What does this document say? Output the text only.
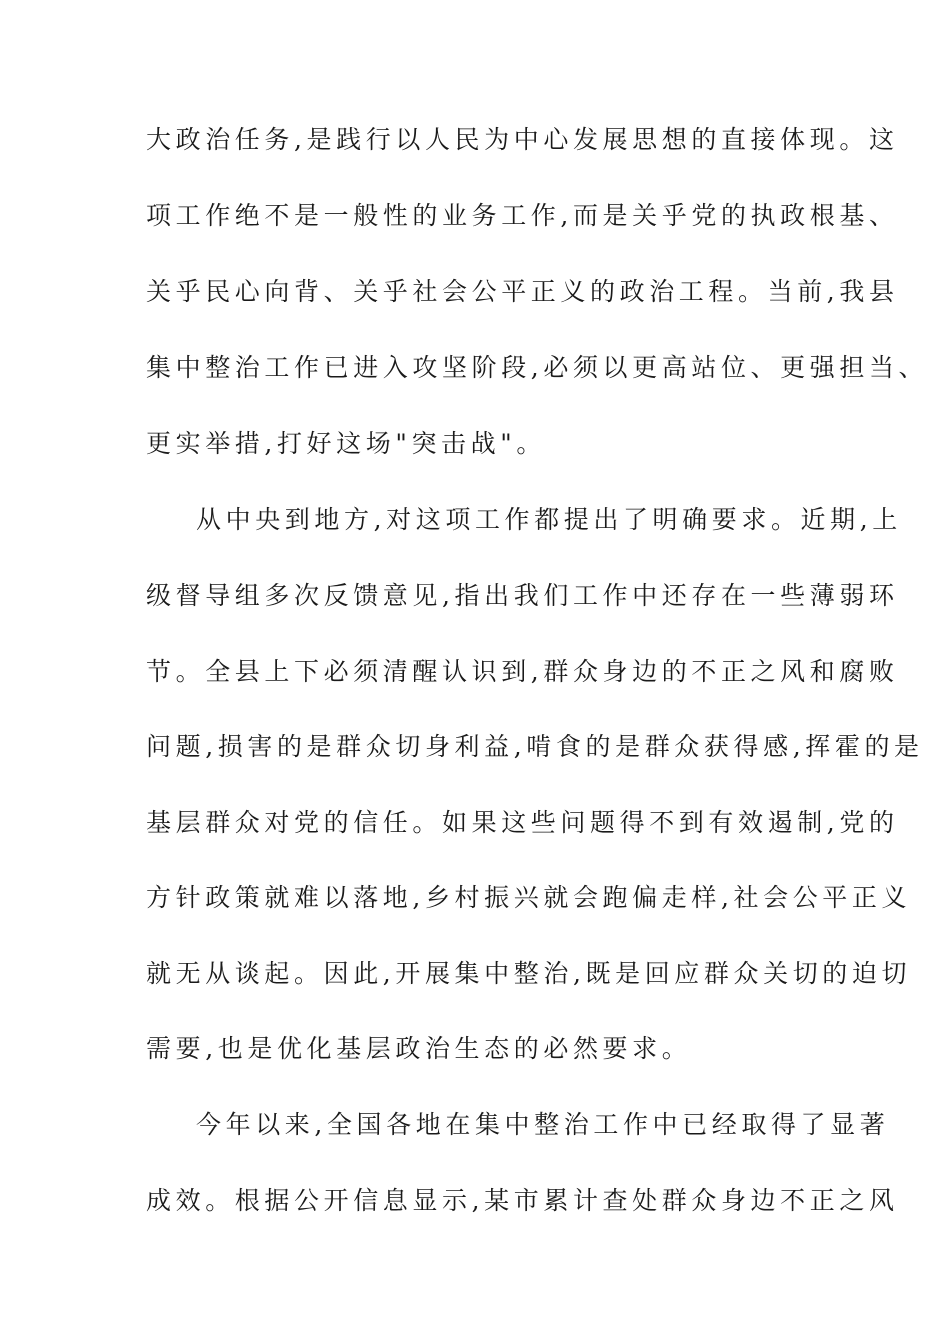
大政治任务,是践行以人民为中心发展思想的直接体现。这
项工作绝不是一般性的业务工作,而是关乎党的执政根基、
关乎民心向背、关乎社会公平正义的政治工程。当前,我县
集中整治工作已进入攻坚阶段,必须以更高站位、更强担当、
更实举措,打好这场"突击战"。
从中央到地方,对这项工作都提出了明确要求。近期,上
级督导组多次反馈意见,指出我们工作中还存在一些薄弱环
节。全县上下必须清醒认识到,群众身边的不正之风和腐败
问题,损害的是群众切身利益,啃食的是群众获得感,挥霍的是
基层群众对党的信任。如果这些问题得不到有效遏制,党的
方针政策就难以落地,乡村振兴就会跑偏走样,社会公平正义
就无从谈起。因此,开展集中整治,既是回应群众关切的迫切
需要,也是优化基层政治生态的必然要求。
今年以来,全国各地在集中整治工作中已经取得了显著
成效。根据公开信息显示,某市累计查处群众身边不正之风
